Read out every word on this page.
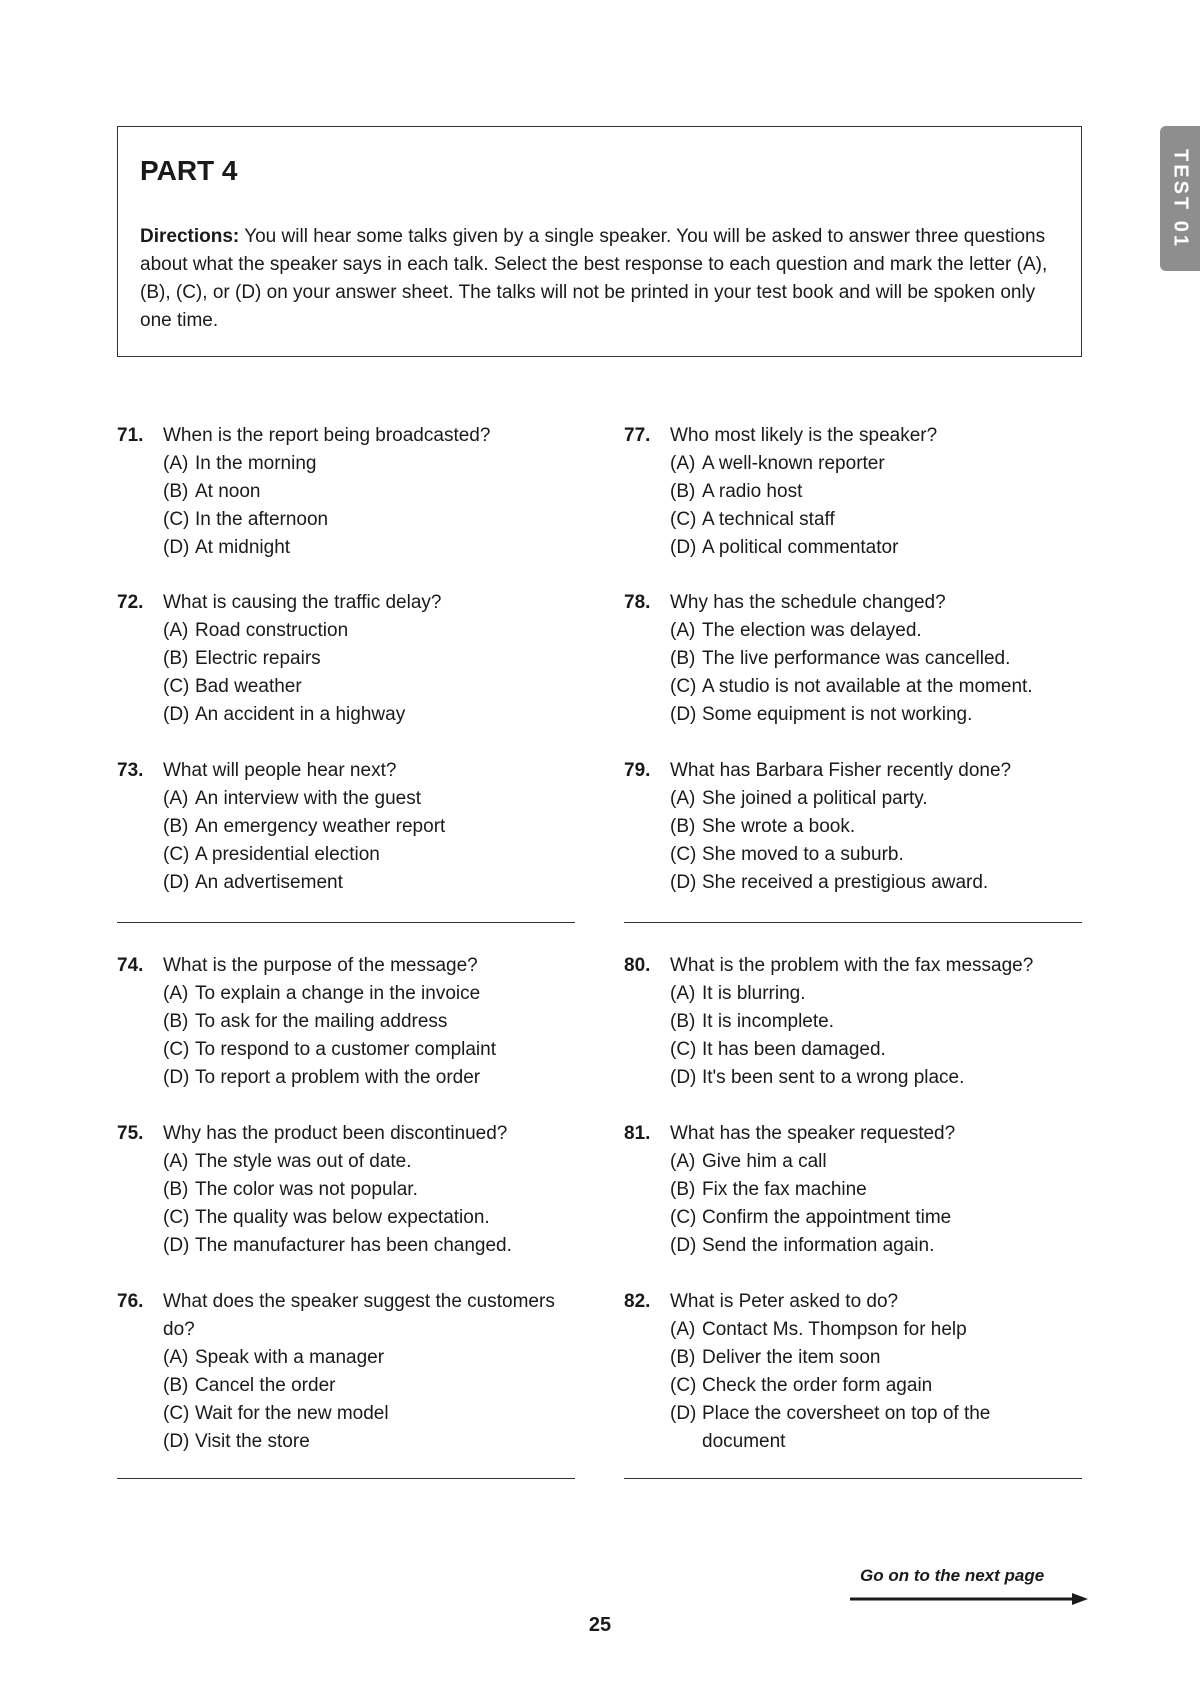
TEST 01
PART 4

Directions: You will hear some talks given by a single speaker. You will be asked to answer three questions about what the speaker says in each talk. Select the best response to each question and mark the letter (A), (B), (C), or (D) on your answer sheet. The talks will not be printed in your test book and will be spoken only one time.

71.	When is the report being broadcasted?
(A) In the morning
(B) At noon
(C) In the afternoon
(D) At midnight
72.	What is causing the traffic delay?
(A) Road construction
(B) Electric repairs
(C) Bad weather
(D) An accident in a highway
73.	What will people hear next?
(A) An interview with the guest
(B) An emergency weather report
(C) A presidential election
(D) An advertisement
74.	What is the purpose of the message?
(A) To explain a change in the invoice
(B) To ask for the mailing address
(C) To respond to a customer complaint
(D) To report a problem with the order
75.	Why has the product been discontinued?
(A) The style was out of date.
(B) The color was not popular.
(C) The quality was below expectation.
(D) The manufacturer has been changed.
76.	What does the speaker suggest the customers do?
(A) Speak with a manager
(B) Cancel the order
(C) Wait for the new model
(D) Visit the store
77.	Who most likely is the speaker?
(A) A well-known reporter
(B) A radio host
(C) A technical staff
(D) A political commentator
78.	Why has the schedule changed?
(A) The election was delayed.
(B) The live performance was cancelled.
(C) A studio is not available at the moment.
(D) Some equipment is not working.
79.	What has Barbara Fisher recently done?
(A) She joined a political party.
(B) She wrote a book.
(C) She moved to a suburb.
(D) She received a prestigious award.
80.	What is the problem with the fax message?
(A) It is blurring.
(B) It is incomplete.
(C) It has been damaged.
(D) It's been sent to a wrong place.
81.	What has the speaker requested?
(A) Give him a call
(B) Fix the fax machine
(C) Confirm the appointment time
(D) Send the information again.
82.	What is Peter asked to do?
(A) Contact Ms. Thompson for help
(B) Deliver the item soon
(C) Check the order form again
(D) Place the coversheet on top of the document
Go on to the next page
25
